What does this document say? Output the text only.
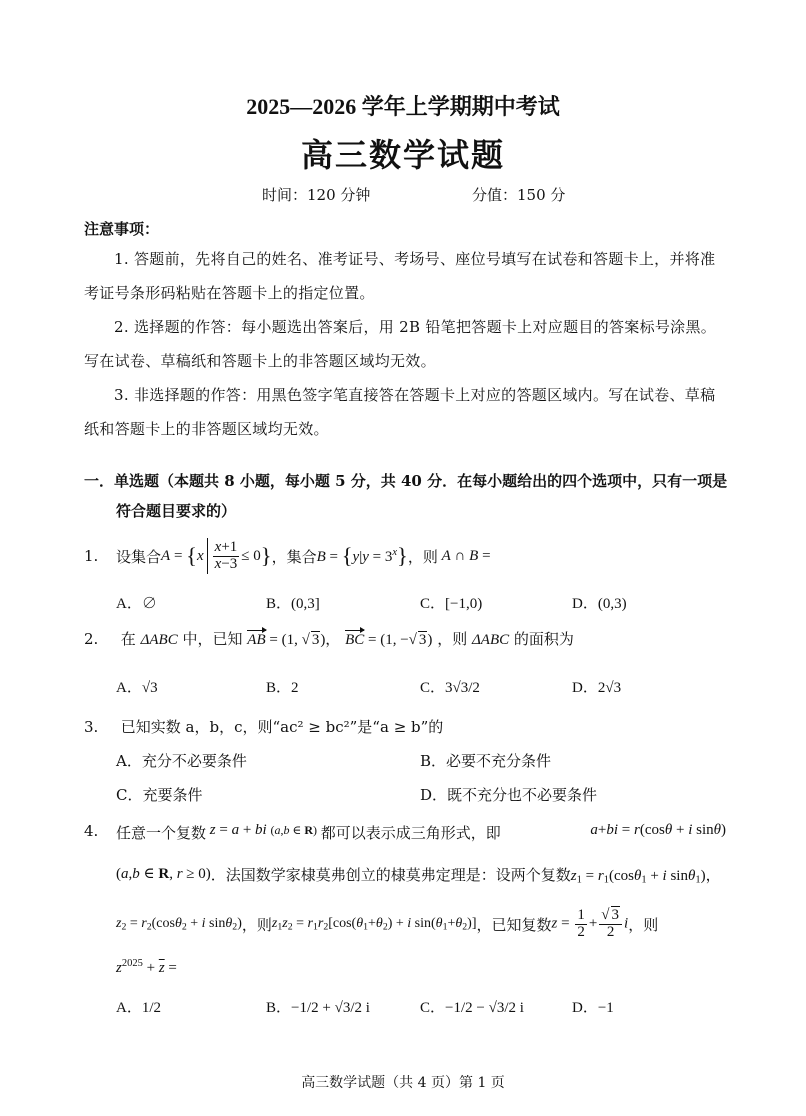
2025—2026 学年上学期期中考试
高三数学试题
时间：120 分钟	分值：150 分
注意事项：
1. 答题前，先将自己的姓名、准考证号、考场号、座位号填写在试卷和答题卡上，并将准考证号条形码粘贴在答题卡上的指定位置。
2. 选择题的作答：每小题选出答案后，用 2B 铅笔把答题卡上对应题目的答案标号涂黑。写在试卷、草稿纸和答题卡上的非答题区域均无效。
3. 非选择题的作答：用黑色签字笔直接答在答题卡上对应的答题区域内。写在试卷、草稿纸和答题卡上的非答题区域均无效。
一．单选题（本题共 8 小题，每小题 5 分，共 40 分．在每小题给出的四个选项中，只有一项是
符合题目要求的）
1.	设集合 A = { x $\frac{x+1}{x-3} \le 0$ } ，集合 $B = \{y|y = 3^x\}$ ，则 A ∩ B =
A．∅	B．(0,3]	C．[−1,0)	D．(0,3)
2. 在 ΔABC 中，已知 AB = (1, √ 3)， BC = (1, −√ 3) ，则 ΔABC 的面积为
A．√3	B．2	C．3√3/2	D．2√3
3. 已知实数 a，b，c，则“ac² ≥ bc²”是“a ≥ b”的
A．充分不必要条件	B．必要不充分条件
C．充要条件	D．既不充分也不必要条件
4.	任意一个复数 z = a + bi (a,b ∈ R) 都可以表示成三角形式，即	a+bi = r(cosθ + i sinθ)
(a,b ∈ R, r ≥ 0) ．法国数学家棣莫弗创立的棣莫弗定理是：设两个复数 $z_1 = r_1(\cos\theta_1 + i$ sinθ$_1$)，
$z_2 = r_2(\cos\theta_2 + i$ sinθ$_2$) ，则 $z_1z_2 = r_1r_2[\cos(\theta_1+\theta_2) + i$ $\sin(\theta_1+\theta_2)$] ，已知复数 $z = \frac{1}{2} + \frac{√ 3}{2}$ i ，则
$z^{2025} + \overline{z}$ =
A．1/2	B．−1/2 + √3/2 i	C．−1/2 − √3/2 i	D．−1
高三数学试题（共 4 页）第 1 页
